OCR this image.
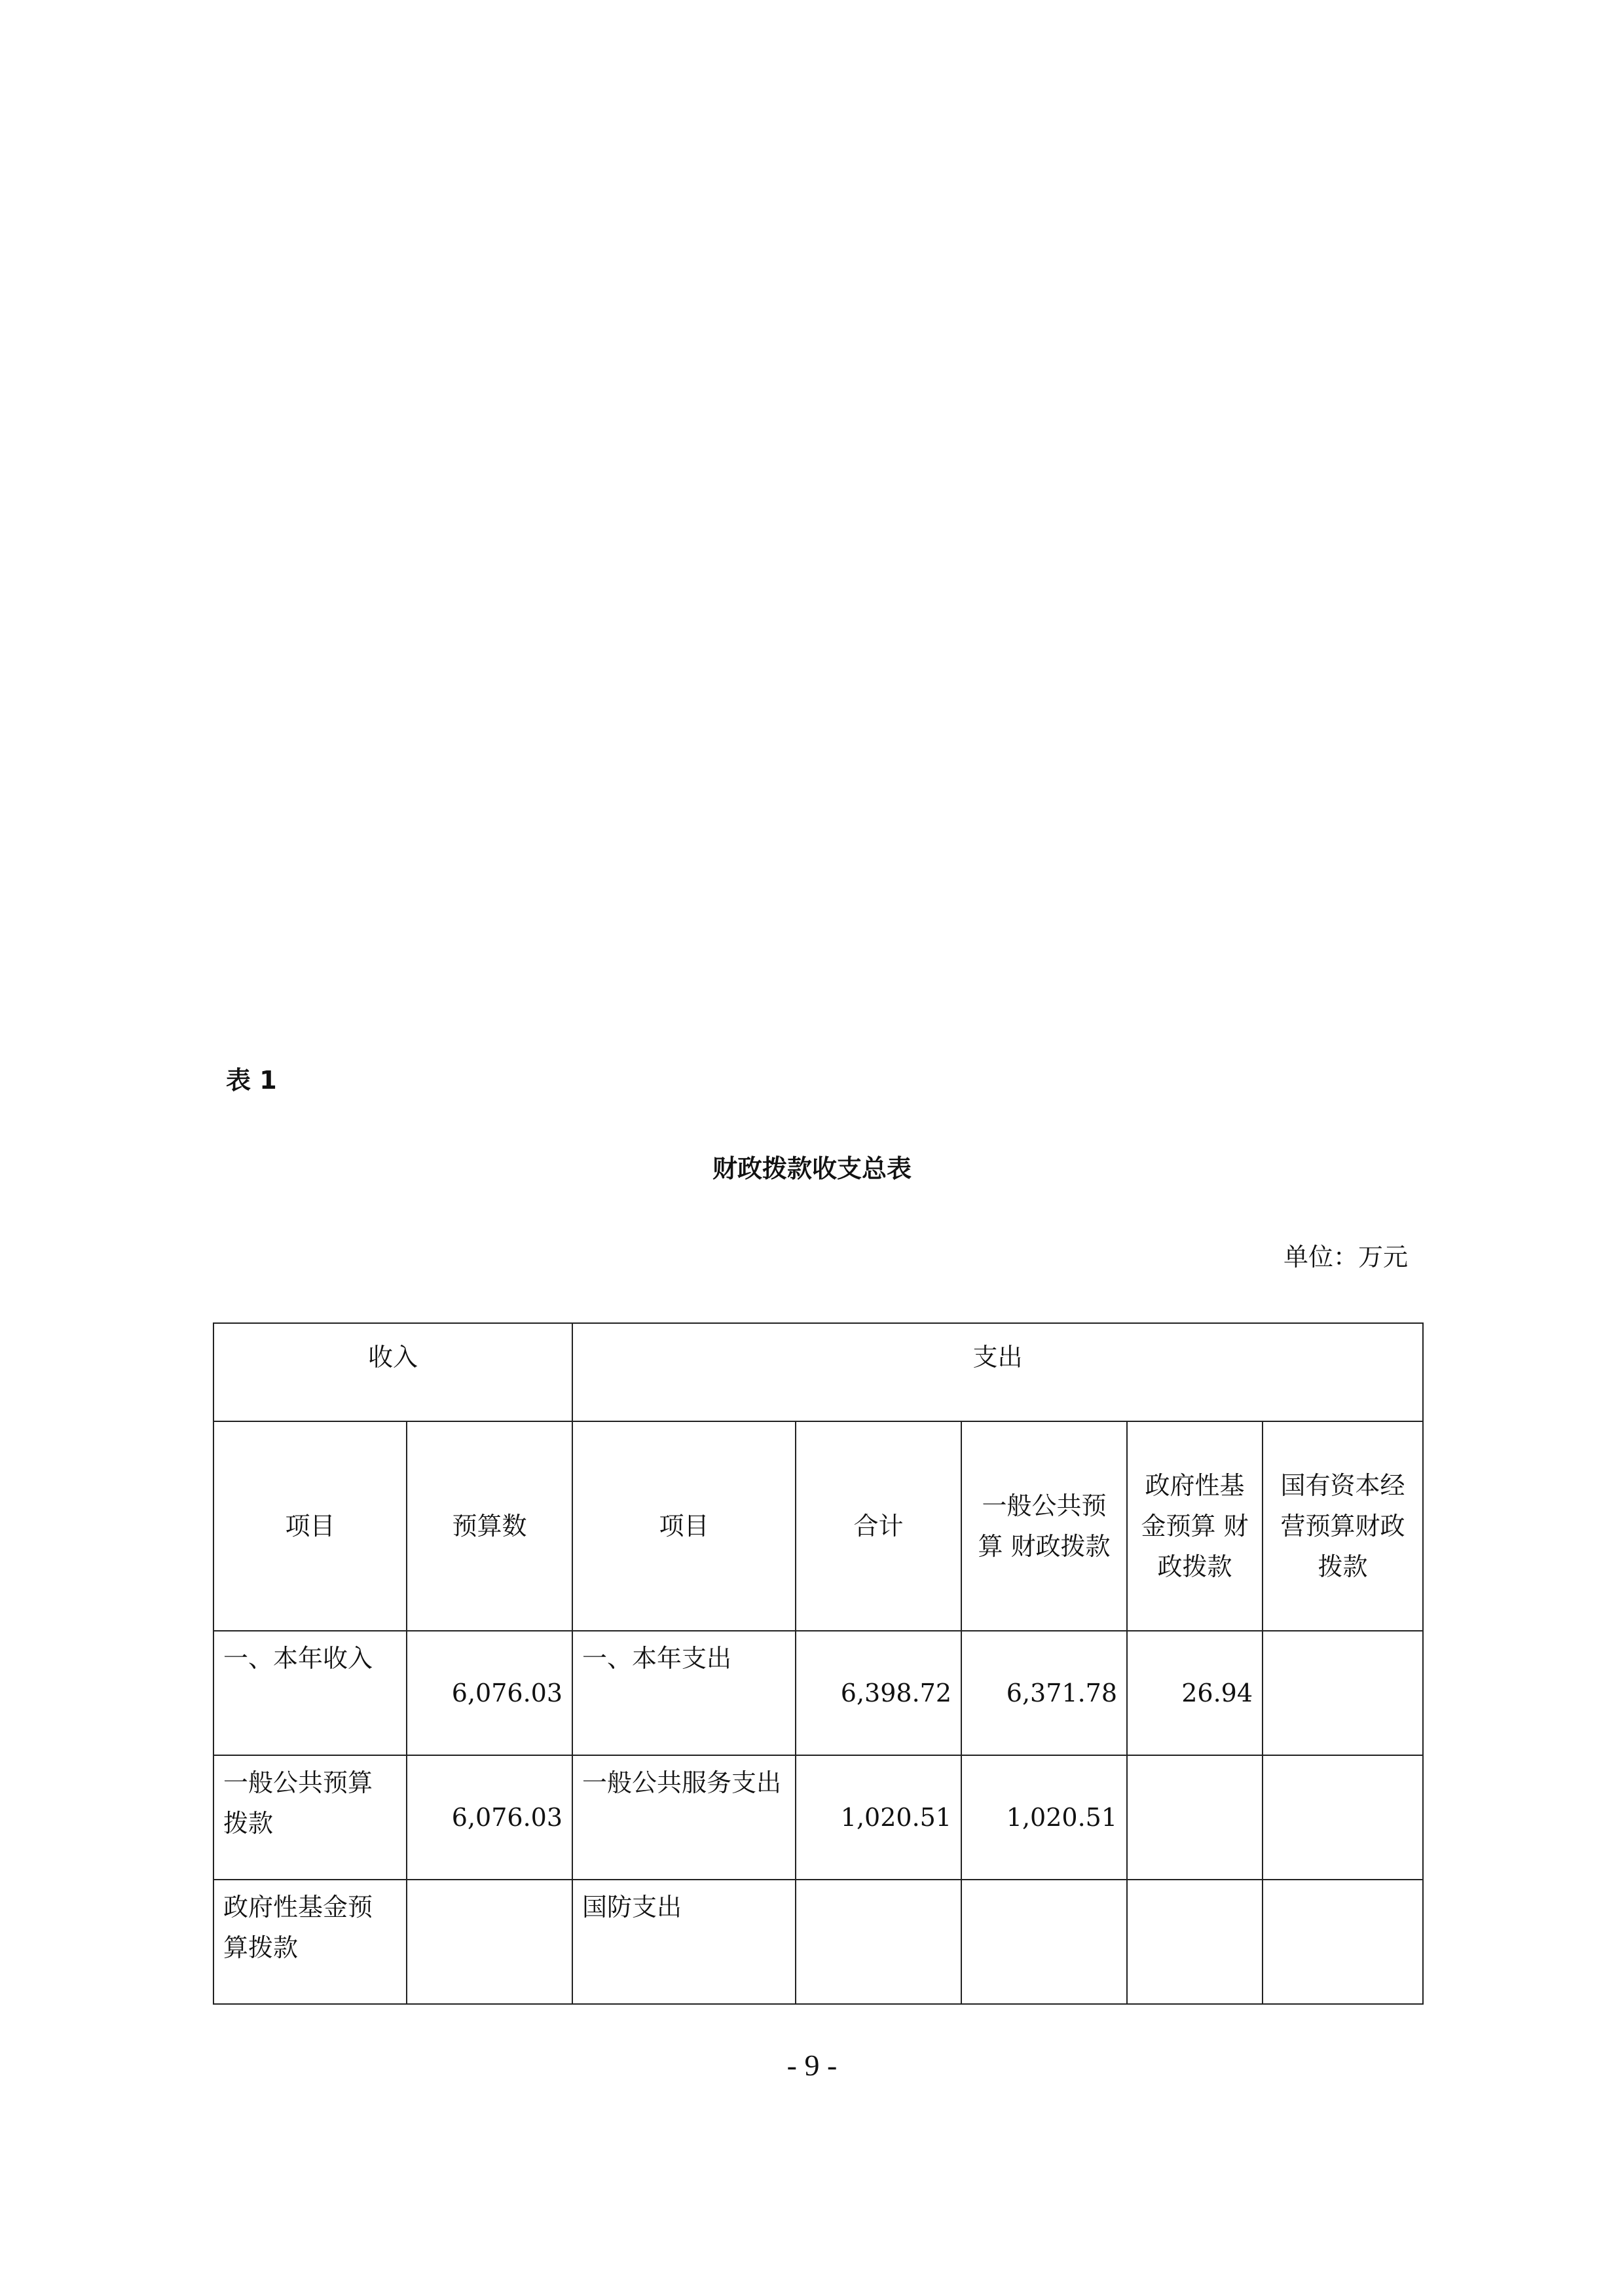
表 1
财政拨款收支总表
单位：万元
收入		支出				
项目	预算数	项目	合计	一般公共预算 财政拨款	政府性基金预算 财政拨款	国有资本经营预算财政拨款
一、本年收入	6,076.03	一、本年支出	6,398.72	6,371.78	26.94	
一般公共预算拨款	6,076.03	一般公共服务支出	1,020.51	1,020.51		
政府性基金预算拨款		国防支出				
- 9 -
